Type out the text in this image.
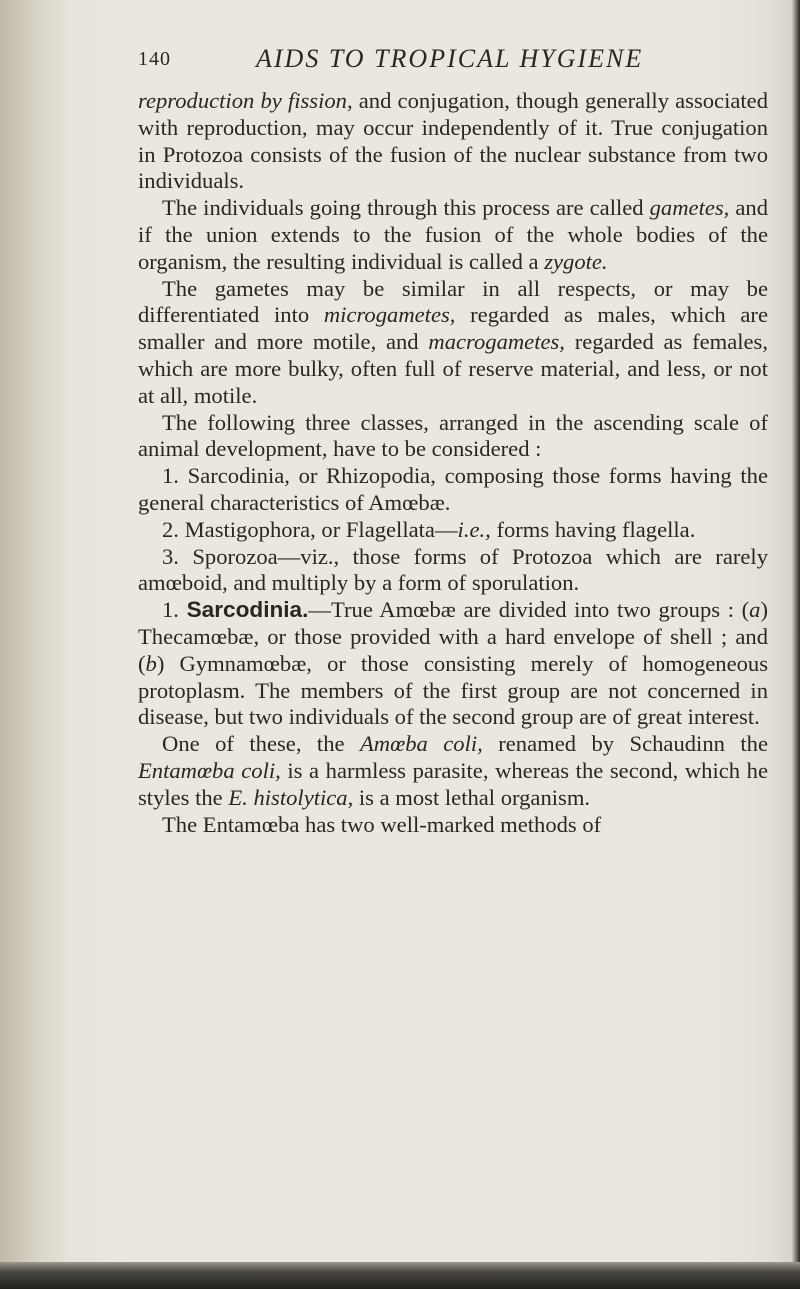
140	AIDS TO TROPICAL HYGIENE

reproduction by fission, and conjugation, though generally associated with reproduction, may occur independently of it. True conjugation in Protozoa consists of the fusion of the nuclear substance from two individuals.

The individuals going through this process are called gametes, and if the union extends to the fusion of the whole bodies of the organism, the resulting individual is called a zygote.

The gametes may be similar in all respects, or may be differentiated into microgametes, regarded as males, which are smaller and more motile, and macrogametes, regarded as females, which are more bulky, often full of reserve material, and less, or not at all, motile.

The following three classes, arranged in the ascending scale of animal development, have to be considered :

1. Sarcodinia, or Rhizopodia, composing those forms having the general characteristics of Amœbæ.

2. Mastigophora, or Flagellata—i.e., forms having flagella.

3. Sporozoa—viz., those forms of Protozoa which are rarely amœboid, and multiply by a form of sporulation.

1. Sarcodinia.—True Amœbæ are divided into two groups : (a) Thecamœbæ, or those provided with a hard envelope of shell ; and (b) Gymnamœbæ, or those consisting merely of homogeneous protoplasm. The members of the first group are not concerned in disease, but two individuals of the second group are of great interest.

One of these, the Amœba coli, renamed by Schaudinn the Entamœba coli, is a harmless parasite, whereas the second, which he styles the E. histolytica, is a most lethal organism.

The Entamœba has two well-marked methods of
